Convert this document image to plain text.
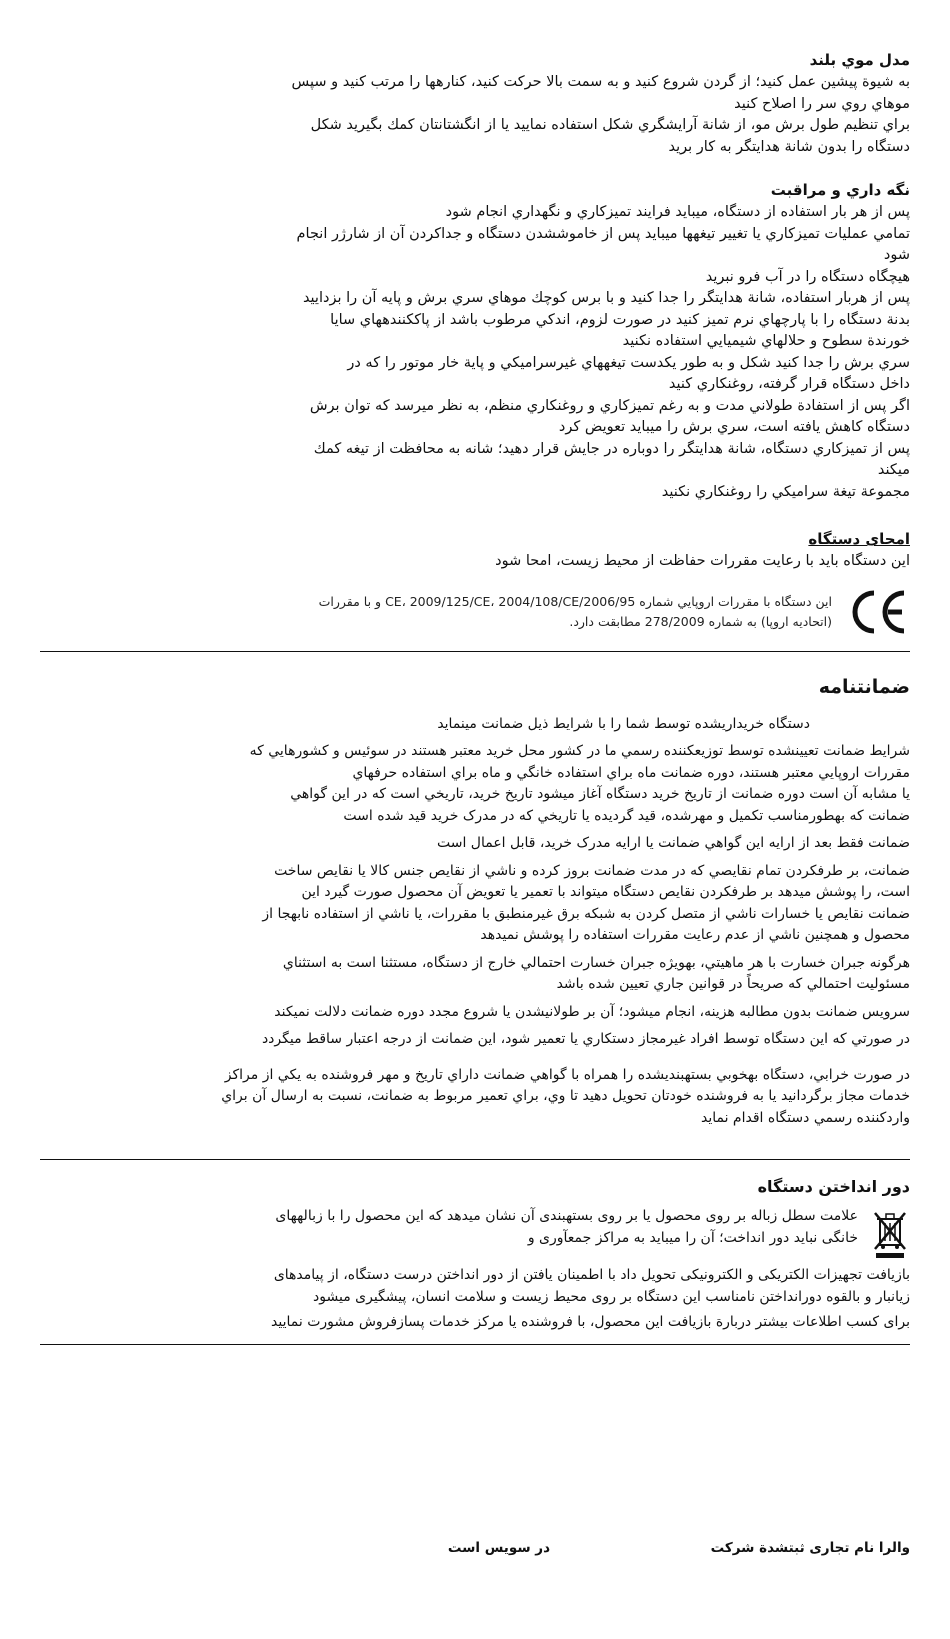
مدل موي بلند

به شيوة پيشين عمل كنيد؛ از گردن شروع كنيد و به سمت بالا حركت كنيد، كنارهها را مرتب كنيد و سپس

موهاي روي سر را اصلاح كنيد

براي تنظيم طول برش مو، از شانة آرايشگري شكل استفاده نماييد يا از انگشتانتان كمك بگيريد شكل

دستگاه را بدون شانة هدايتگر به كار بريد

نگه داري و مراقبت

پس از هر بار استفاده از دستگاه، ميبايد فرايند تميزكاري و نگهداري انجام شود

تمامي عمليات تميزكاري يا تغيير تيغهها ميبايد پس از خاموششدن دستگاه و جداكردن آن از شارژر انجام

شود

هيچگاه دستگاه را در آب فرو نبريد

پس از هربار استفاده، شانة هدايتگر را جدا كنيد و با برس كوچك موهاي سري برش و پايه آن را بزداييد

بدنة دستگاه را با پارچهاي نرم تميز كنيد در صورت لزوم، اندكي مرطوب باشد از پاككنندههاي سايا

خورندة سطوح و حلالهاي شيميايي استفاده نكنيد

سري برش را جدا كنيد شكل و به طور يكدست تيغههاي غيرسراميكي و پاية خار موتور را كه در

داخل دستگاه قرار گرفته، روغنكاري كنيد

اگر پس از استفادة طولاني مدت و به رغم تميزكاري و روغنكاري منظم، به نظر ميرسد كه توان برش

دستگاه كاهش يافته است، سري برش را ميبايد تعويض كرد

پس از تميزكاري دستگاه، شانة هدايتگر را دوباره در جايش قرار دهيد؛ شانه به محافظت از تيغه كمك

ميكند

مجموعة تيغة سراميكي را روغنكاري نكنيد

امحای دستگاه

اين دستگاه بايد با رعايت مقررات حفاظت از محيط زيست، امحا شود

CE
اين دستگاه با مقررات اروپايي شماره 2006/95/CE، 2009/125/CE، 2004/108/CE و با مقررات
(اتحاديه اروپا) به شماره 278/2009 مطابقت دارد.

ضمانتنامه

دستگاه خريداريشده توسط شما را با شرايط ذيل ضمانت مينمايد

شرايط ضمانت تعيينشده توسط توزيعكننده رسمي ما در كشور محل خريد معتبر هستند در سوئيس و كشورهايي كه
مقررات اروپايي معتبر هستند، دوره ضمانت ماه براي استفاده خانگي و ماه براي استفاده حرفهاي
يا مشابه آن است دوره ضمانت از تاريخ خريد دستگاه آغاز ميشود تاريخ خريد، تاريخي است كه در اين گواهي
ضمانت كه بهطورمناسب تكميل و مهرشده، قيد گرديده يا تاريخي كه در مدرک خريد قيد شده است

ضمانت فقط بعد از ارايه اين گواهي ضمانت يا ارايه مدرک خريد، قابل اعمال است

ضمانت، بر طرفكردن تمام نقايصي كه در مدت ضمانت بروز كرده و ناشي از نقايص جنس كالا يا نقايص ساخت
است، را پوشش ميدهد بر طرفكردن نقايص دستگاه ميتواند با تعمير يا تعويض آن محصول صورت گيرد اين
ضمانت نقايص يا خسارات ناشي از متصل كردن به شبكه برق غيرمنطبق با مقررات، يا ناشي از استفاده نابهجا از
محصول و همچنين ناشي از عدم رعايت مقررات استفاده را پوشش نميدهد

هرگونه جبران خسارت با هر ماهيتي، بهويژه جبران خسارت احتمالي خارج از دستگاه، مستثنا است به استثناي
مسئوليت احتمالي كه صريحاً در قوانين جاري تعيين شده باشد

سرويس ضمانت بدون مطالبه هزينه، انجام ميشود؛ آن بر طولانيشدن يا شروع مجدد دوره ضمانت دلالت نميكند

در صورتي كه اين دستگاه توسط افراد غيرمجاز دستكاري يا تعمير شود، اين ضمانت از درجه اعتبار ساقط ميگردد

در صورت خرابي، دستگاه بهخوبي بستهبنديشده را همراه با گواهي ضمانت داراي تاريخ و مهر فروشنده به يكي از مراكز
خدمات مجاز برگردانيد يا به فروشنده خودتان تحويل دهيد تا وي، براي تعمير مربوط به ضمانت، نسبت به ارسال آن براي
واردكننده رسمي دستگاه اقدام نمايد

دور انداختن دستگاه

علامت سطل زباله بر روی محصول يا بر روی بستهبندی آن نشان میدهد كه اين محصول را با زبالههای

خانگی نبايد دور انداخت؛ آن را میبايد به مراكز جمعآوری و

بازيافت تجهيزات الكتريكی و الكترونيكی تحويل داد با اطمينان يافتن از دور انداختن درست دستگاه، از پيامدهای

زيانبار و بالقوه دورانداختن نامناسب اين دستگاه بر روی محيط زيست و سلامت انسان، پيشگيری میشود

برای كسب اطلاعات بيشتر دربارة بازيافت اين محصول، با فروشنده يا مركز خدمات پسازفروش مشورت نماييد

والرا نام تجاری ثبتشدة شركت
در سويس است
